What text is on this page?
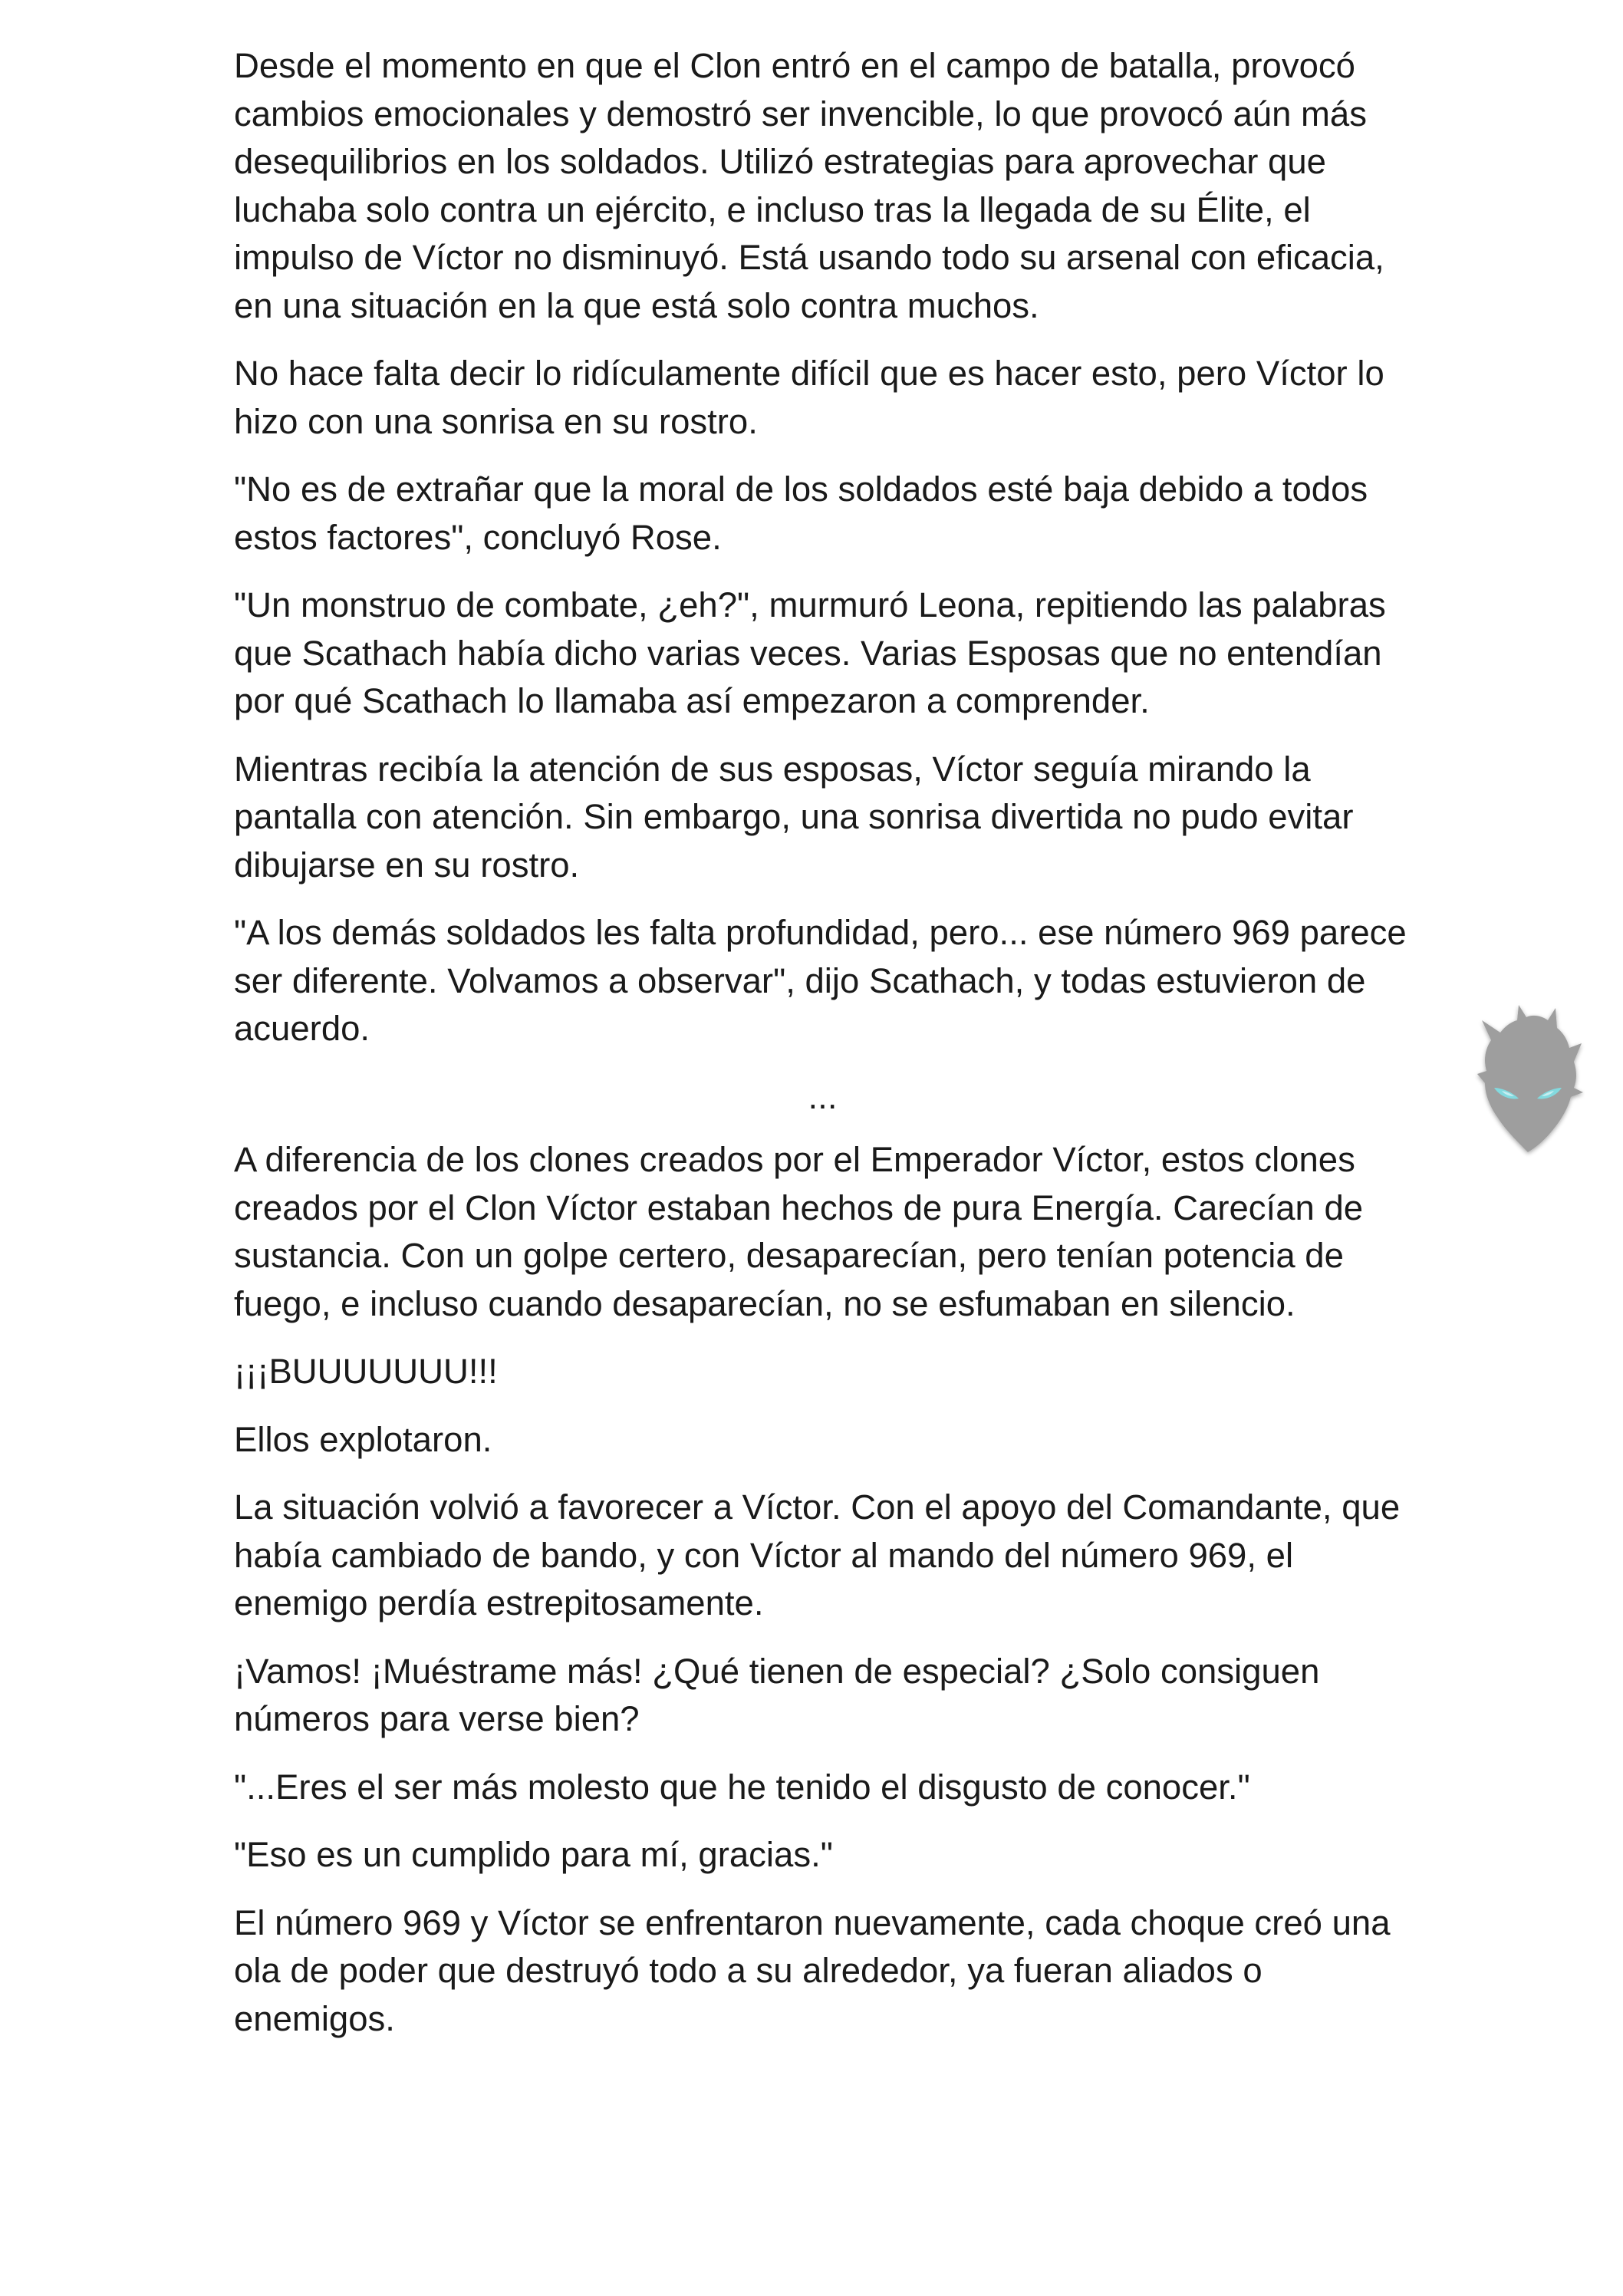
Desde el momento en que el Clon entró en el campo de batalla, provocó cambios emocionales y demostró ser invencible, lo que provocó aún más desequilibrios en los soldados. Utilizó estrategias para aprovechar que luchaba solo contra un ejército, e incluso tras la llegada de su Élite, el impulso de Víctor no disminuyó. Está usando todo su arsenal con eficacia, en una situación en la que está solo contra muchos.

No hace falta decir lo ridículamente difícil que es hacer esto, pero Víctor lo hizo con una sonrisa en su rostro.

"No es de extrañar que la moral de los soldados esté baja debido a todos estos factores", concluyó Rose.

"Un monstruo de combate, ¿eh?", murmuró Leona, repitiendo las palabras que Scathach había dicho varias veces. Varias Esposas que no entendían por qué Scathach lo llamaba así empezaron a comprender.

Mientras recibía la atención de sus esposas, Víctor seguía mirando la pantalla con atención. Sin embargo, una sonrisa divertida no pudo evitar dibujarse en su rostro.

"A los demás soldados les falta profundidad, pero... ese número 969 parece ser diferente. Volvamos a observar", dijo Scathach, y todas estuvieron de acuerdo.

...

A diferencia de los clones creados por el Emperador Víctor, estos clones creados por el Clon Víctor estaban hechos de pura Energía. Carecían de sustancia. Con un golpe certero, desaparecían, pero tenían potencia de fuego, e incluso cuando desaparecían, no se esfumaban en silencio.

¡¡¡BUUUUUUU!!!

Ellos explotaron.

La situación volvió a favorecer a Víctor. Con el apoyo del Comandante, que había cambiado de bando, y con Víctor al mando del número 969, el enemigo perdía estrepitosamente.

¡Vamos! ¡Muéstrame más! ¿Qué tienen de especial? ¿Solo consiguen números para verse bien?

"...Eres el ser más molesto que he tenido el disgusto de conocer."

"Eso es un cumplido para mí, gracias."

El número 969 y Víctor se enfrentaron nuevamente, cada choque creó una ola de poder que destruyó todo a su alrededor, ya fueran aliados o enemigos.
